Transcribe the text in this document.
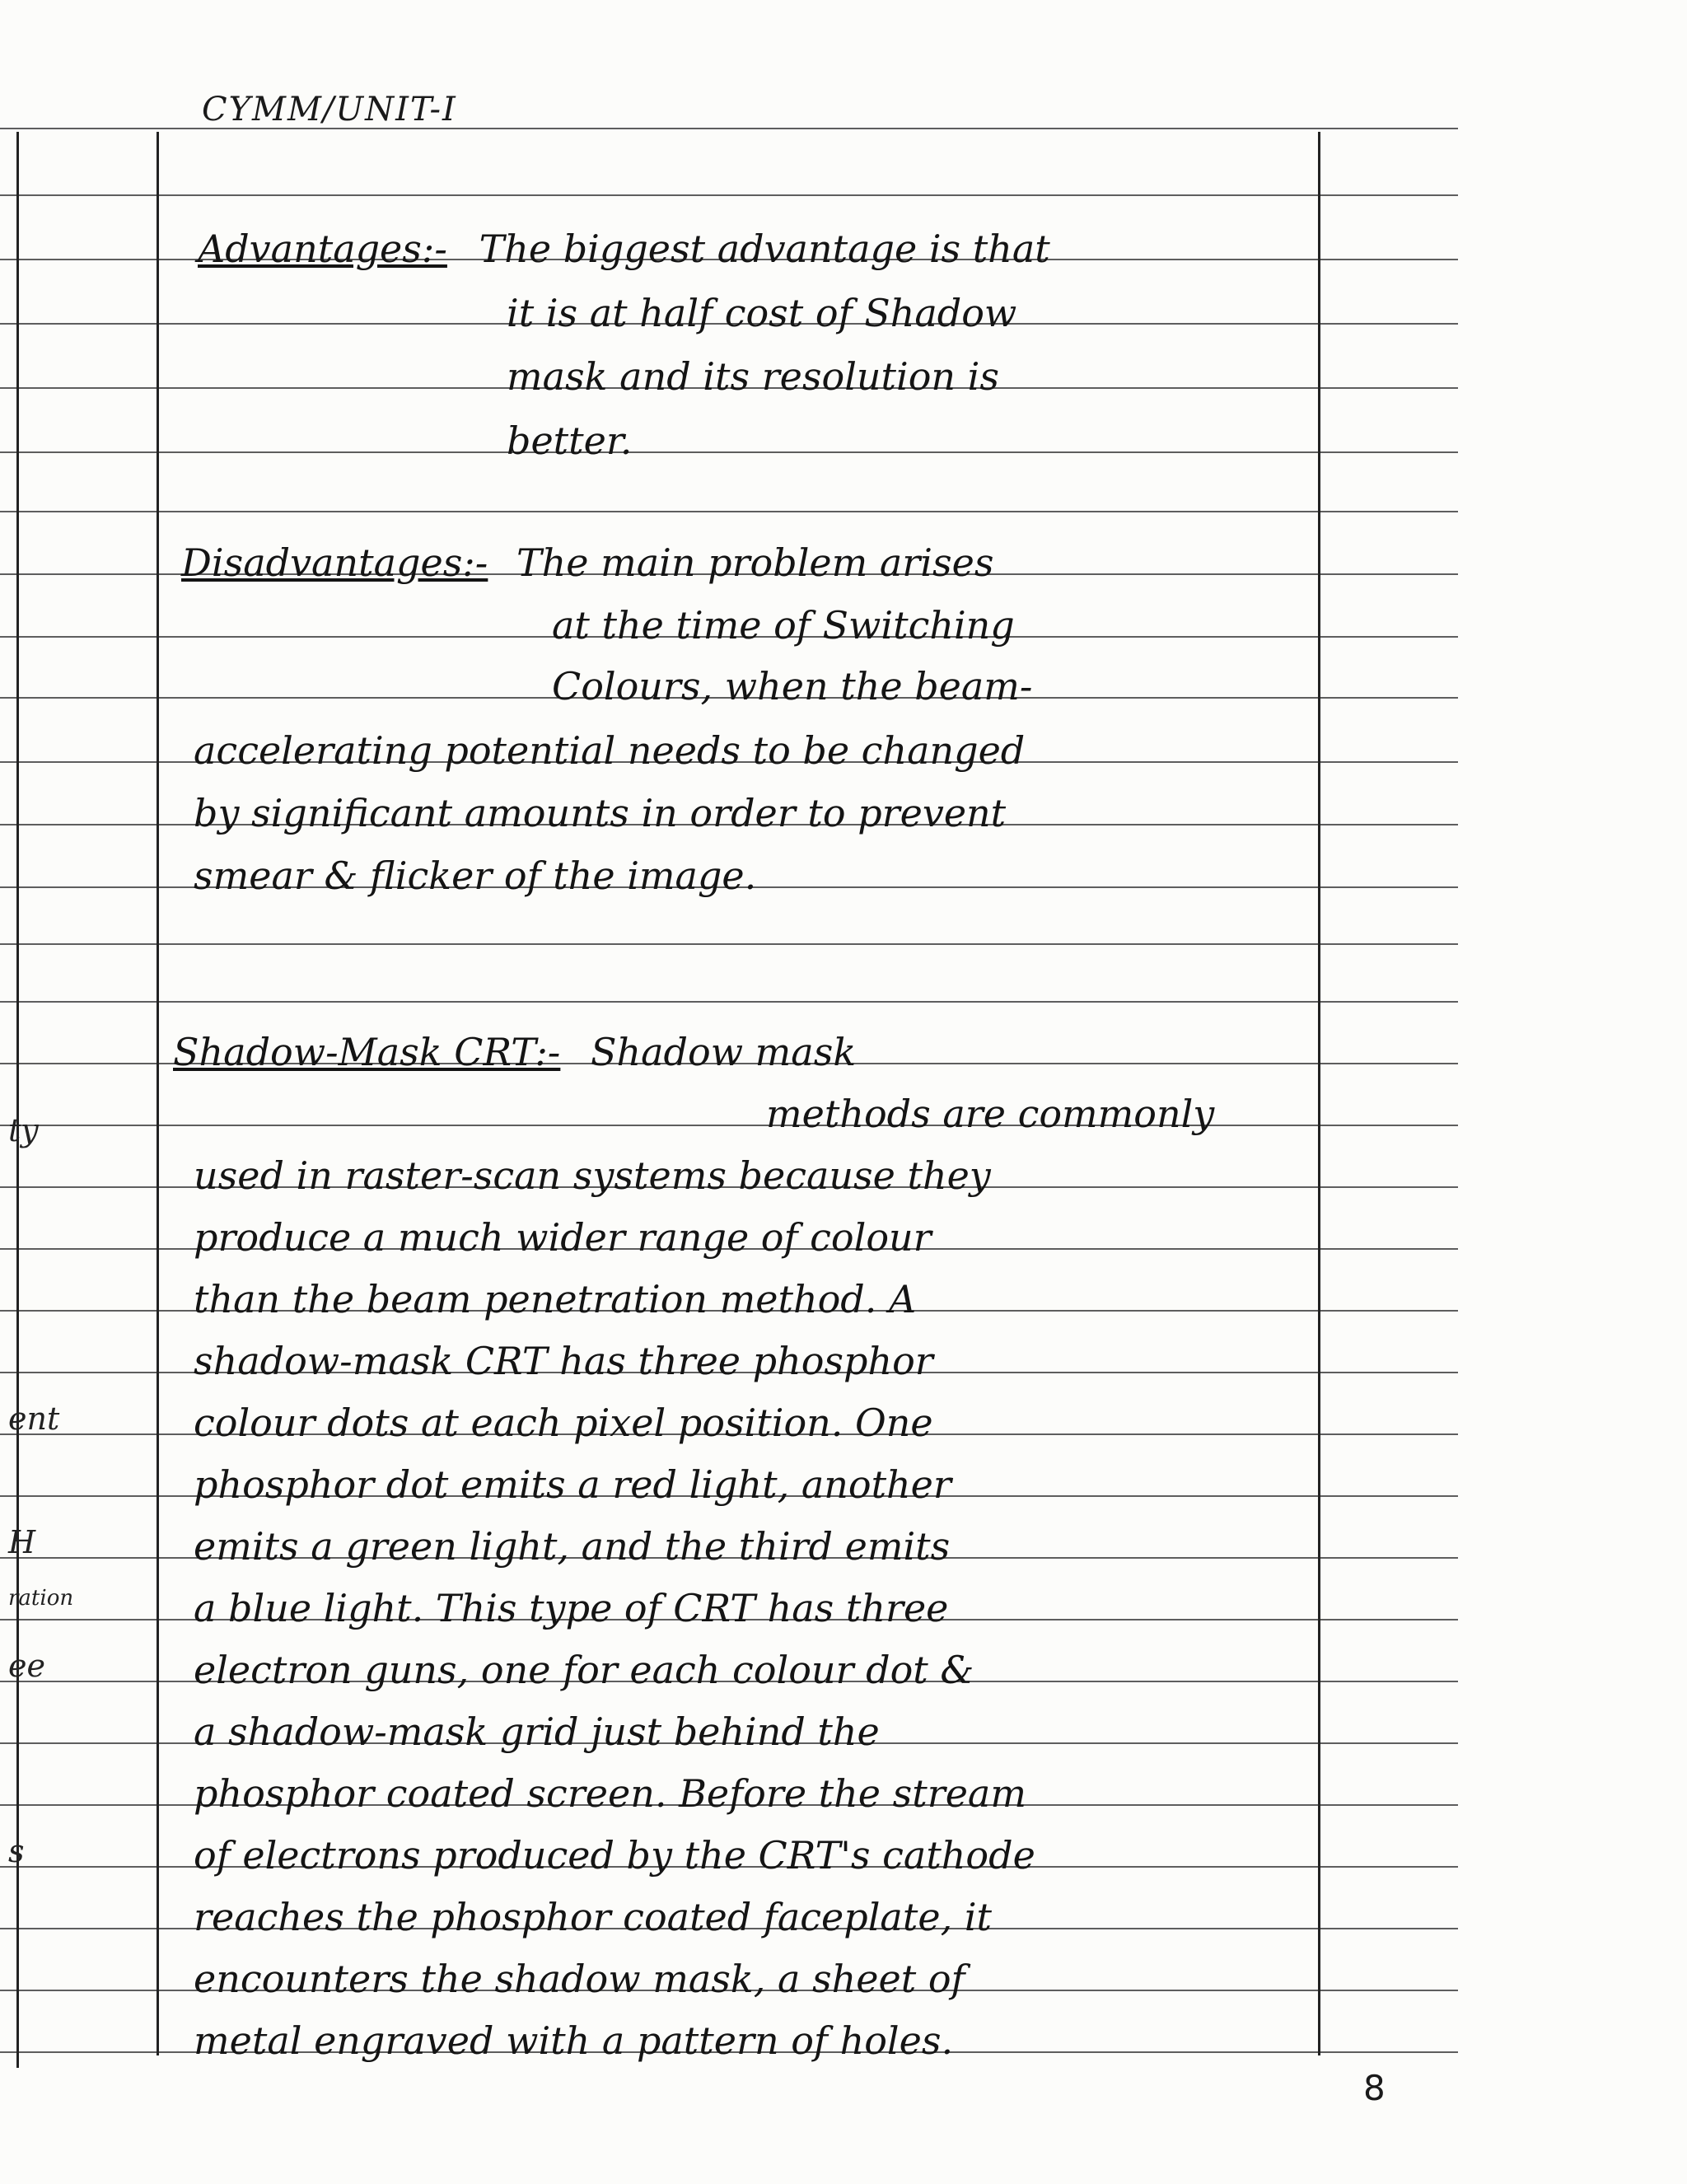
CYMM/UNIT-I
ty
ent
H
ration
ee
s
Advantages:- The biggest advantage is that
it is at half cost of Shadow
mask and its resolution is
better.
Disadvantages:- The main problem arises
at the time of Switching
Colours, when the beam-
accelerating potential needs to be changed
by significant amounts in order to prevent
smear & flicker of the image.
Shadow-Mask CRT:- Shadow mask
methods are commonly
used in raster-scan systems because they
produce a much wider range of colour
than the beam penetration method. A
shadow-mask CRT has three phosphor
colour dots at each pixel position. One
phosphor dot emits a red light, another
emits a green light, and the third emits
a blue light. This type of CRT has three
electron guns, one for each colour dot &
a shadow-mask grid just behind the
phosphor coated screen. Before the stream
of electrons produced by the CRT's cathode
reaches the phosphor coated faceplate, it
encounters the shadow mask, a sheet of
metal engraved with a pattern of holes.
8
